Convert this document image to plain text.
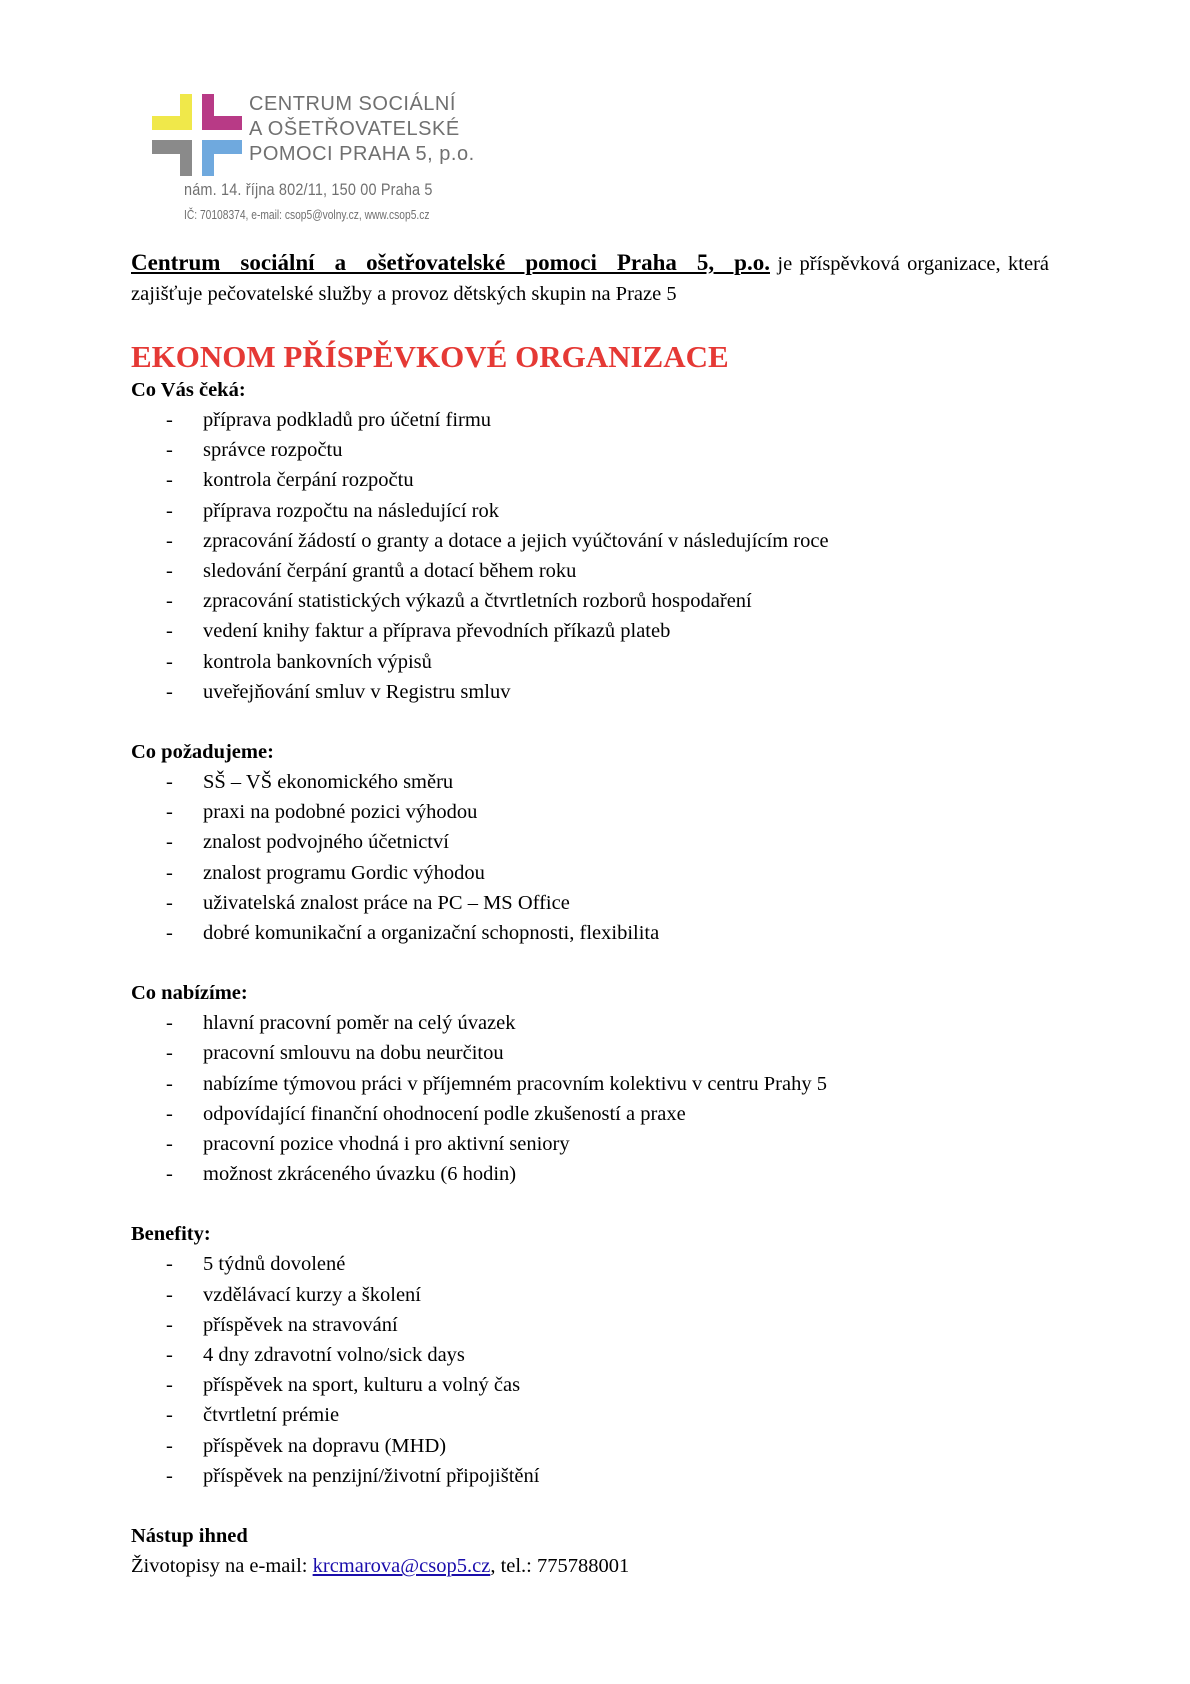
CENTRUM SOCIÁLNÍ
A OŠETŘOVATELSKÉ
POMOCI PRAHA 5, p.o.
nám. 14. října 802/11, 150 00 Praha 5
IČ: 70108374, e-mail: csop5@volny.cz, www.csop5.cz

Centrum sociální a ošetřovatelské pomoci Praha 5, p.o. je příspěvková organizace, která zajišťuje pečovatelské služby a provoz dětských skupin na Praze 5

EKONOM PŘÍSPĚVKOVÉ ORGANIZACE

Co Vás čeká:

- příprava podkladů pro účetní firmu
- správce rozpočtu
- kontrola čerpání rozpočtu
- příprava rozpočtu na následující rok
- zpracování žádostí o granty a dotace a jejich vyúčtování v následujícím roce
- sledování čerpání grantů a dotací během roku
- zpracování statistických výkazů a čtvrtletních rozborů hospodaření
- vedení knihy faktur a příprava převodních příkazů plateb
- kontrola bankovních výpisů
- uveřejňování smluv v Registru smluv

Co požadujeme:

- SŠ – VŠ ekonomického směru
- praxi na podobné pozici výhodou
- znalost podvojného účetnictví
- znalost programu Gordic výhodou
- uživatelská znalost práce na PC – MS Office
- dobré komunikační a organizační schopnosti, flexibilita

Co nabízíme:

- hlavní pracovní poměr na celý úvazek
- pracovní smlouvu na dobu neurčitou
- nabízíme týmovou práci v příjemném pracovním kolektivu v centru Prahy 5
- odpovídající finanční ohodnocení podle zkušeností a praxe
- pracovní pozice vhodná i pro aktivní seniory
- možnost zkráceného úvazku (6 hodin)

Benefity:

- 5 týdnů dovolené
- vzdělávací kurzy a školení
- příspěvek na stravování
- 4 dny zdravotní volno/sick days
- příspěvek na sport, kulturu a volný čas
- čtvrtletní prémie
- příspěvek na dopravu (MHD)
- příspěvek na penzijní/životní připojištění

Nástup ihned

Životopisy na e-mail: krcmarova@csop5.cz, tel.: 775788001
